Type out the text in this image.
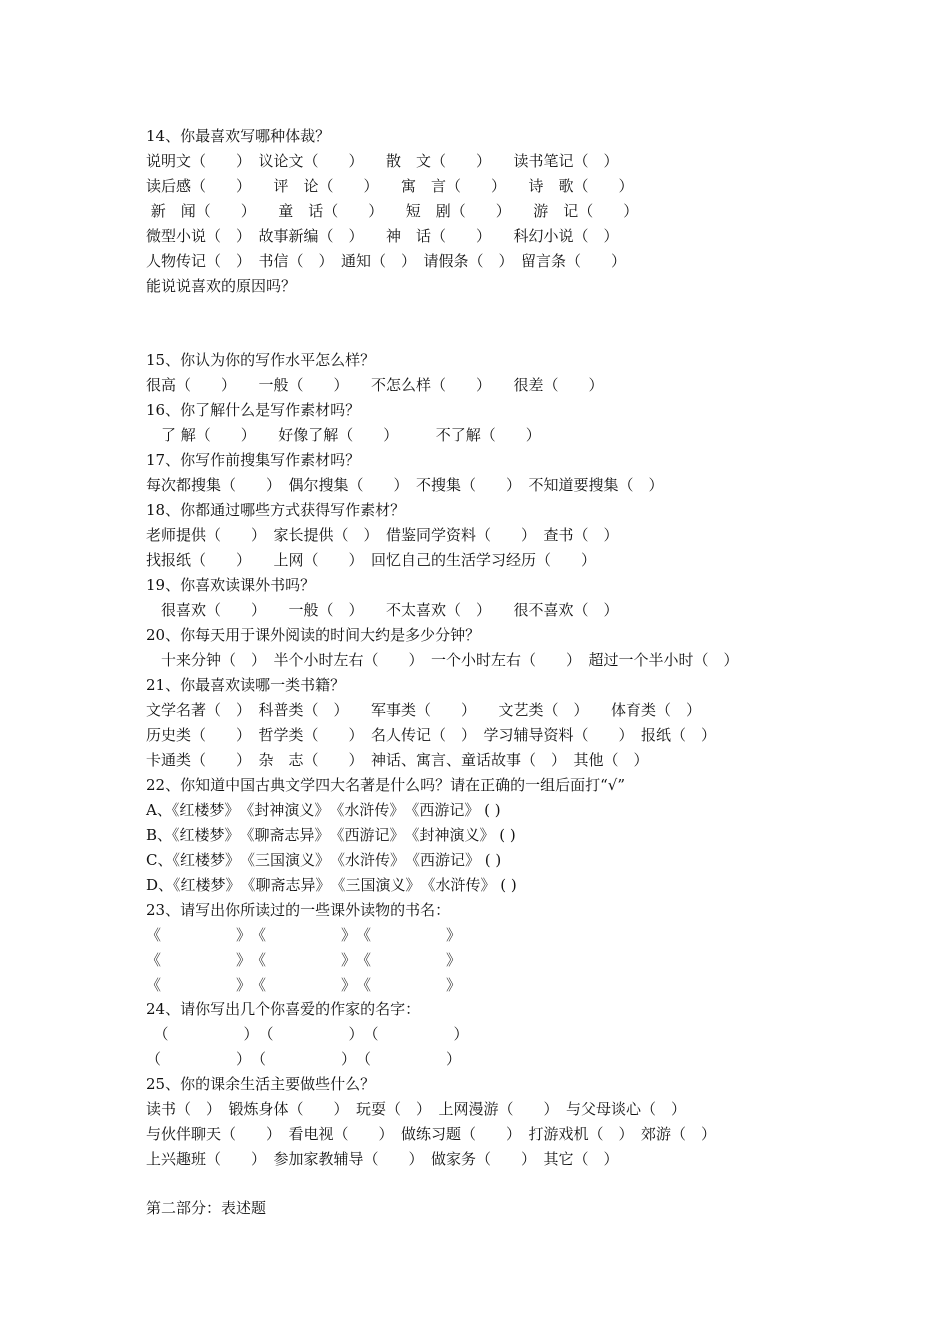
14、你最喜欢写哪种体裁？
说明文（　　）　议论文（　　）　　散　文（　　）　　读书笔记（　）
读后感（　　）　　评　论（　　）　　寓　言（　　）　　诗　歌（　　）
新　闻（　　）　　童　话（　　）　　短　剧（　　）　　游　记（　　）
微型小说（　）　故事新编（　）　　神　话（　　）　　科幻小说（　）
人物传记（　）　书信（　）　通知（　）　请假条（　）　留言条（　　）
能说说喜欢的原因吗？
15、你认为你的写作水平怎么样？
很高（　　）　　一般（　　）　　不怎么样（　　）　　很差（　　）
16、你了解什么是写作素材吗？
　了 解（　　）　　好像了解（　　）　　　不了解（　　）
17、你写作前搜集写作素材吗？
每次都搜集（　　）　偶尔搜集（　　）　不搜集（　　）　不知道要搜集（　）
18、你都通过哪些方式获得写作素材？
老师提供（　　）　家长提供（　）　借鉴同学资料（　　）　查书（　）
找报纸（　　）　　上网（　　）　回忆自己的生活学习经历（　　）
19、你喜欢读课外书吗？
　很喜欢（　　）　　一般（　）　　不太喜欢（　）　　很不喜欢（　）
20、你每天用于课外阅读的时间大约是多少分钟？
　十来分钟（　）　半个小时左右（　　）　一个小时左右（　　）　超过一个半小时（　）
21、你最喜欢读哪一类书籍？
文学名著（　）　科普类（　）　　军事类（　　）　　文艺类（　）　　体育类（　）
历史类（　　）　哲学类（　　）　名人传记（　）　学习辅导资料（　　）　报纸（　）
卡通类（　　）　杂　志（　　）　神话、寓言、童话故事（　）　其他（　）
22、你知道中国古典文学四大名著是什么吗？请在正确的一组后面打“√”
A、《红楼梦》　《封神演义》　《水浒传》　《西游记》 ( )
B、《红楼梦》　《聊斋志异》　《西游记》　《封神演义》 ( )
C、《红楼梦》　《三国演义》　《水浒传》　《西游记》 ( )
D、《红楼梦》　《聊斋志异》　《三国演义》　《水浒传》 ( )
23、请写出你所读过的一些课外读物的书名：
《　　　　　》　《　　　　　》　《　　　　　》
《　　　　　》　《　　　　　》　《　　　　　》
《　　　　　》　《　　　　　》　《　　　　　》
24、请你写出几个你喜爱的作家的名字：
　（　　　　　）　（　　　　　）　（　　　　　）
（　　　　　）　（　　　　　）　（　　　　　）
25、你的课余生活主要做些什么？
读书（　）　锻炼身体（　　）　玩耍（　）　上网漫游（　　）　与父母谈心（　）
与伙伴聊天（　　）　看电视（　　）　做练习题（　　）　打游戏机（　）　郊游（　）
上兴趣班（　　）　参加家教辅导（　　）　做家务（　　）　其它（　）
第二部分：表述题
